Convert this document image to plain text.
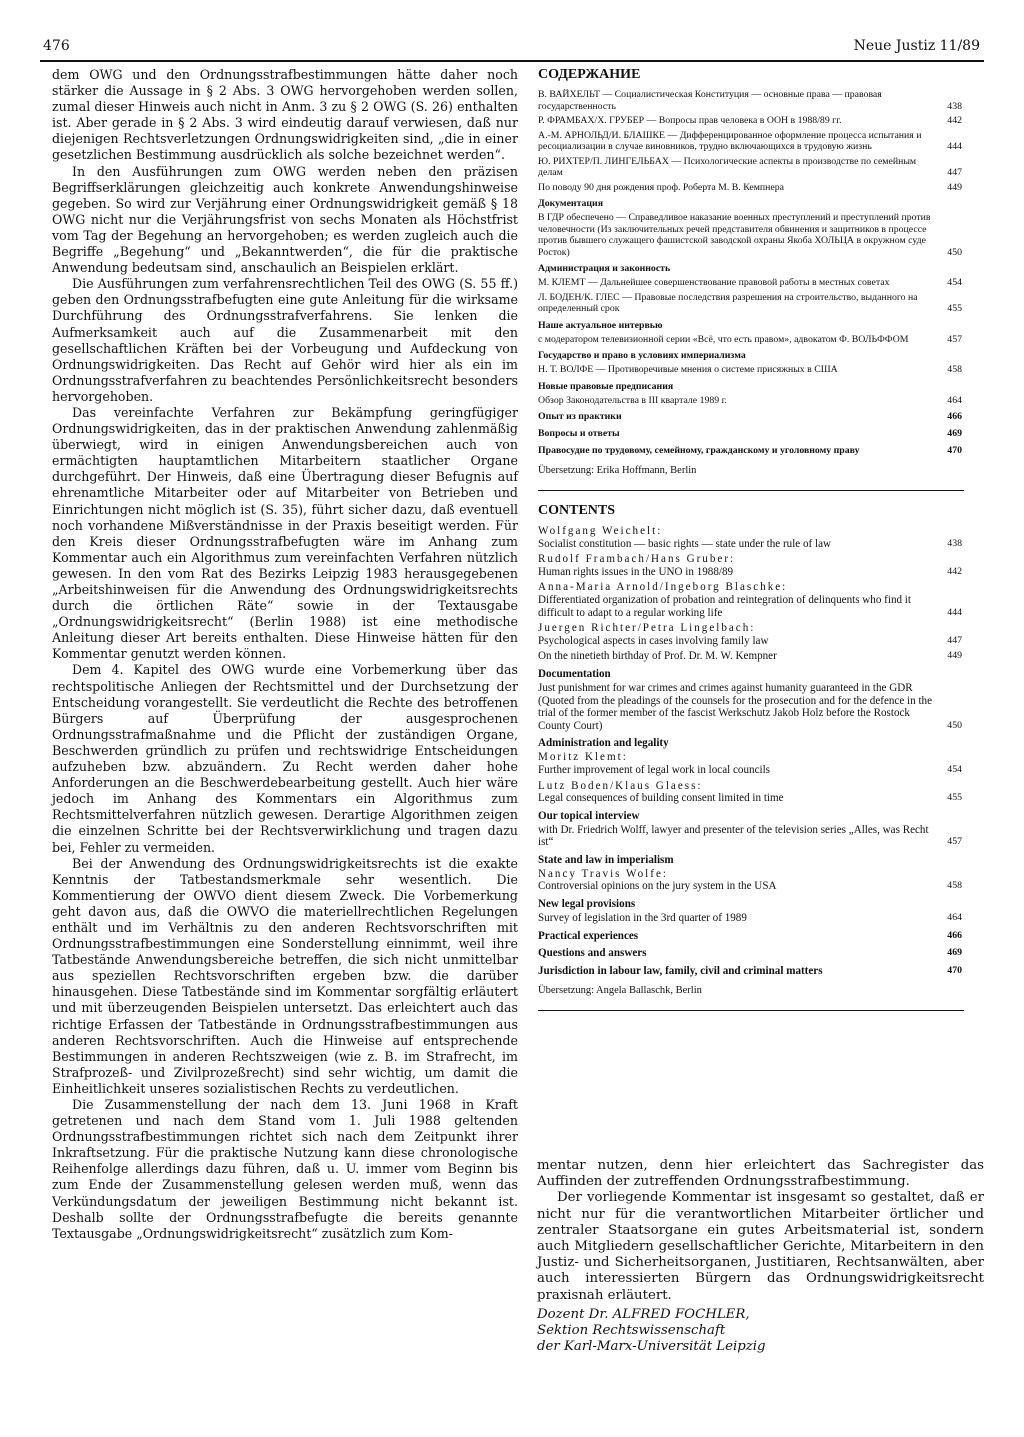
476	Neue Justiz 11/89

dem OWG und den Ordnungsstrafbestimmungen hätte daher noch stärker die Aussage in § 2 Abs. 3 OWG hervorgehoben werden sollen, zumal dieser Hinweis auch nicht in Anm. 3 zu § 2 OWG (S. 26) enthalten ist. Aber gerade in § 2 Abs. 3 wird eindeutig darauf verwiesen, daß nur diejenigen Rechtsverletzungen Ordnungswidrigkeiten sind, „die in einer gesetzlichen Bestimmung ausdrücklich als solche bezeichnet werden“.

In den Ausführungen zum OWG werden neben den präzisen Begriffserklärungen gleichzeitig auch konkrete Anwendungshinweise gegeben. So wird zur Verjährung einer Ordnungswidrigkeit gemäß § 18 OWG nicht nur die Verjährungsfrist von sechs Monaten als Höchstfrist vom Tag der Begehung an hervorgehoben; es werden zugleich auch die Begriffe „Begehung“ und „Bekanntwerden“, die für die praktische Anwendung bedeutsam sind, anschaulich an Beispielen erklärt.

Die Ausführungen zum verfahrensrechtlichen Teil des OWG (S. 55 ff.) geben den Ordnungsstrafbefugten eine gute Anleitung für die wirksame Durchführung des Ordnungsstrafverfahrens. Sie lenken die Aufmerksamkeit auch auf die Zusammenarbeit mit den gesellschaftlichen Kräften bei der Vorbeugung und Aufdeckung von Ordnungswidrigkeiten. Das Recht auf Gehör wird hier als ein im Ordnungsstrafverfahren zu beachtendes Persönlichkeitsrecht besonders hervorgehoben.

Das vereinfachte Verfahren zur Bekämpfung geringfügiger Ordnungswidrigkeiten, das in der praktischen Anwendung zahlenmäßig überwiegt, wird in einigen Anwendungsbereichen auch von ermächtigten hauptamtlichen Mitarbeitern staatlicher Organe durchgeführt. Der Hinweis, daß eine Übertragung dieser Befugnis auf ehrenamtliche Mitarbeiter oder auf Mitarbeiter von Betrieben und Einrichtungen nicht möglich ist (S. 35), führt sicher dazu, daß eventuell noch vorhandene Mißverständnisse in der Praxis beseitigt werden. Für den Kreis dieser Ordnungsstrafbefugten wäre im Anhang zum Kommentar auch ein Algorithmus zum vereinfachten Verfahren nützlich gewesen. In den vom Rat des Bezirks Leipzig 1983 herausgegebenen „Arbeitshinweisen für die Anwendung des Ordnungswidrigkeitsrechts durch die örtlichen Räte“ sowie in der Textausgabe „Ordnungswidrigkeitsrecht“ (Berlin 1988) ist eine methodische Anleitung dieser Art bereits enthalten. Diese Hinweise hätten für den Kommentar genutzt werden können.

Dem 4. Kapitel des OWG wurde eine Vorbemerkung über das rechtspolitische Anliegen der Rechtsmittel und der Durchsetzung der Entscheidung vorangestellt. Sie verdeutlicht die Rechte des betroffenen Bürgers auf Überprüfung der ausgesprochenen Ordnungsstrafmaßnahme und die Pflicht der zuständigen Organe, Beschwerden gründlich zu prüfen und rechtswidrige Entscheidungen aufzuheben bzw. abzuändern. Zu Recht werden daher hohe Anforderungen an die Beschwerdebearbeitung gestellt. Auch hier wäre jedoch im Anhang des Kommentars ein Algorithmus zum Rechtsmittelverfahren nützlich gewesen. Derartige Algorithmen zeigen die einzelnen Schritte bei der Rechtsverwirklichung und tragen dazu bei, Fehler zu vermeiden.

Bei der Anwendung des Ordnungswidrigkeitsrechts ist die exakte Kenntnis der Tatbestandsmerkmale sehr wesentlich. Die Kommentierung der OWVO dient diesem Zweck. Die Vorbemerkung geht davon aus, daß die OWVO die materiellrechtlichen Regelungen enthält und im Verhältnis zu den anderen Rechtsvorschriften mit Ordnungsstrafbestimmungen eine Sonderstellung einnimmt, weil ihre Tatbestände Anwendungsbereiche betreffen, die sich nicht unmittelbar aus speziellen Rechtsvorschriften ergeben bzw. die darüber hinausgehen. Diese Tatbestände sind im Kommentar sorgfältig erläutert und mit überzeugenden Beispielen untersetzt. Das erleichtert auch das richtige Erfassen der Tatbestände in Ordnungsstrafbestimmungen aus anderen Rechtsvorschriften. Auch die Hinweise auf entsprechende Bestimmungen in anderen Rechtszweigen (wie z. B. im Strafrecht, im Strafprozeß- und Zivilprozeßrecht) sind sehr wichtig, um damit die Einheitlichkeit unseres sozialistischen Rechts zu verdeutlichen.

Die Zusammenstellung der nach dem 13. Juni 1968 in Kraft getretenen und nach dem Stand vom 1. Juli 1988 geltenden Ordnungsstrafbestimmungen richtet sich nach dem Zeitpunkt ihrer Inkraftsetzung. Für die praktische Nutzung kann diese chronologische Reihenfolge allerdings dazu führen, daß u. U. immer vom Beginn bis zum Ende der Zusammenstellung gelesen werden muß, wenn das Verkündungsdatum der jeweiligen Bestimmung nicht bekannt ist. Deshalb sollte der Ordnungsstrafbefugte die bereits genannte Textausgabe „Ordnungswidrigkeitsrecht“ zusätzlich zum Kom-

СОДЕРЖАНИЕ
В. ВАЙХЕЛЬТ — Социалистическая Конституция — основные права — правовая государственность	438
Р. ФРАМБАХ/Х. ГРУБЕР — Вопросы прав человека в ООН в 1988/89 гг.	442
А.-М. АРНОЛЬД/И. БЛАШКЕ — Дифференцированное оформление процесса испытания и ресоциализации в случае виновников, трудно включающихся в трудовую жизнь	444
Ю. РИХТЕР/П. ЛИНГЕЛЬБАХ — Психологические аспекты в производстве по семейным делам	447
По поводу 90 дня рождения проф. Роберта М. В. Кемпнера	449
Документация
В ГДР обеспечено — Справедливое наказание военных преступлений и преступлений против человечности (Из заключительных речей представителя обвинения и защитников в процессе против бывшего служащего фашистской заводской охраны Якоба ХОЛЬЦА в окружном суде Росток)	450
Администрация и законность
М. КЛЕМТ — Дальнейшее совершенствование правовой работы в местных советах	454
Л. БОДЕН/К. ГЛЕС — Правовые последствия разрешения на строительство, выданного на определенный срок	455
Наше актуальное интервью
с модератором телевизионной серии «Всё, что есть правом», адвокатом Ф. ВОЛЬФФОМ	457
Государство и право в условиях империализма
Н. Т. ВОЛФЕ — Противоречивые мнения о системе присяжных в США	458
Новые правовые предписания
Обзор Законодательства в III квартале 1989 г.	464
Опыт из практики	466
Вопросы и ответы	469
Правосудие по трудовому, семейному, гражданскому и уголовному праву	470
Übersetzung: Erika Hoffmann, Berlin
CONTENTS
Wolfgang Weichelt:
Socialist constitution — basic rights — state under the rule of law	438
Rudolf Frambach/Hans Gruber:
Human rights issues in the UNO in 1988/89	442
Anna-Maria Arnold/Ingeborg Blaschke:
Differentiated organization of probation and reintegration of delinquents who find it difficult to adapt to a regular working life	444
Juergen Richter/Petra Lingelbach:
Psychological aspects in cases involving family law	447
On the ninetieth birthday of Prof. Dr. M. W. Kempner	449
Documentation
Just punishment for war crimes and crimes against humanity guaranteed in the GDR (Quoted from the pleadings of the counsels for the prosecution and for the defence in the trial of the former member of the fascist Werkschutz Jakob Holz before the Rostock County Court)	450
Administration and legality
Moritz Klemt:
Further improvement of legal work in local councils	454
Lutz Boden/Klaus Glaess:
Legal consequences of building consent limited in time	455
Our topical interview
with Dr. Friedrich Wolff, lawyer and presenter of the television series „Alles, was Recht ist“	457
State and law in imperialism
Nancy Travis Wolfe:
Controversial opinions on the jury system in the USA	458
New legal provisions
Survey of legislation in the 3rd quarter of 1989	464
Practical experiences	466
Questions and answers	469
Jurisdiction in labour law, family, civil and criminal matters	470
Übersetzung: Angela Ballaschk, Berlin

mentar nutzen, denn hier erleichtert das Sachregister das Auffinden der zutreffenden Ordnungsstrafbestimmung.

Der vorliegende Kommentar ist insgesamt so gestaltet, daß er nicht nur für die verantwortlichen Mitarbeiter örtlicher und zentraler Staatsorgane ein gutes Arbeitsmaterial ist, sondern auch Mitgliedern gesellschaftlicher Gerichte, Mitarbeitern in den Justiz- und Sicherheitsorganen, Justitiaren, Rechtsanwälten, aber auch interessierten Bürgern das Ordnungswidrigkeitsrecht praxisnah erläutert.

Dozent Dr. ALFRED FOCHLER,
Sektion Rechtswissenschaft
der Karl-Marx-Universität Leipzig
